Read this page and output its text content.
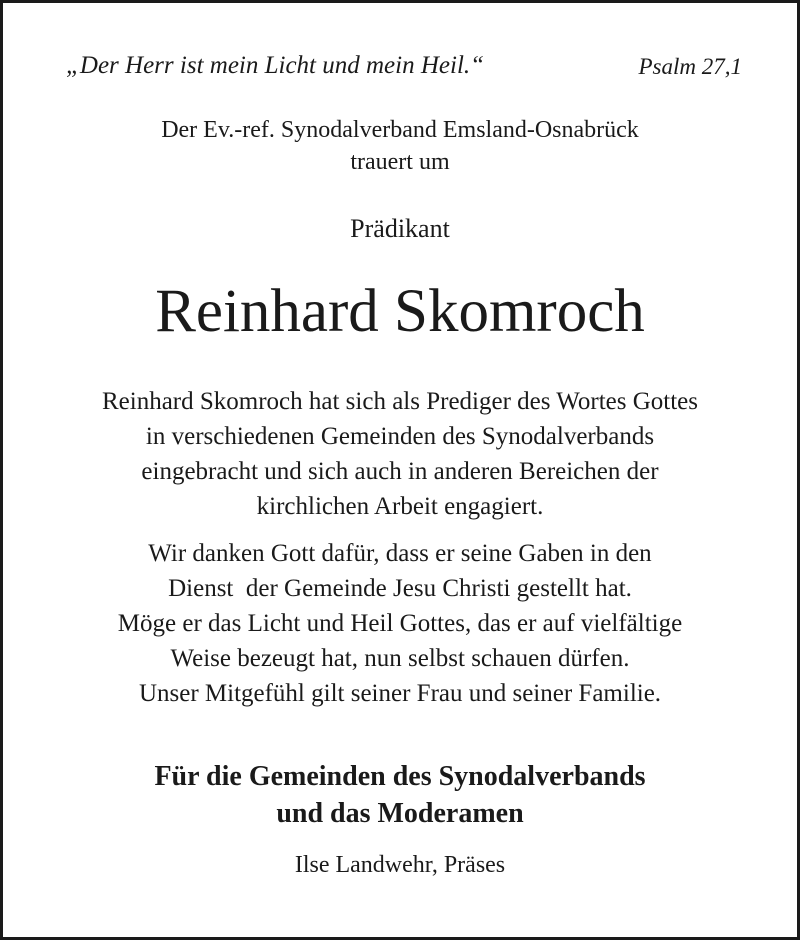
„Der Herr ist mein Licht und mein Heil.“	Psalm 27,1
Der Ev.-ref. Synodalverband Emsland-Osnabrück
trauert um
Prädikant
Reinhard Skomroch
Reinhard Skomroch hat sich als Prediger des Wortes Gottes
in verschiedenen Gemeinden des Synodalverbands
eingebracht und sich auch in anderen Bereichen der
kirchlichen Arbeit engagiert.
Wir danken Gott dafür, dass er seine Gaben in den
Dienst  der Gemeinde Jesu Christi gestellt hat.
Möge er das Licht und Heil Gottes, das er auf vielfältige
Weise bezeugt hat, nun selbst schauen dürfen.
Unser Mitgefühl gilt seiner Frau und seiner Familie.
Für die Gemeinden des Synodalverbands
und das Moderamen
Ilse Landwehr, Präses
